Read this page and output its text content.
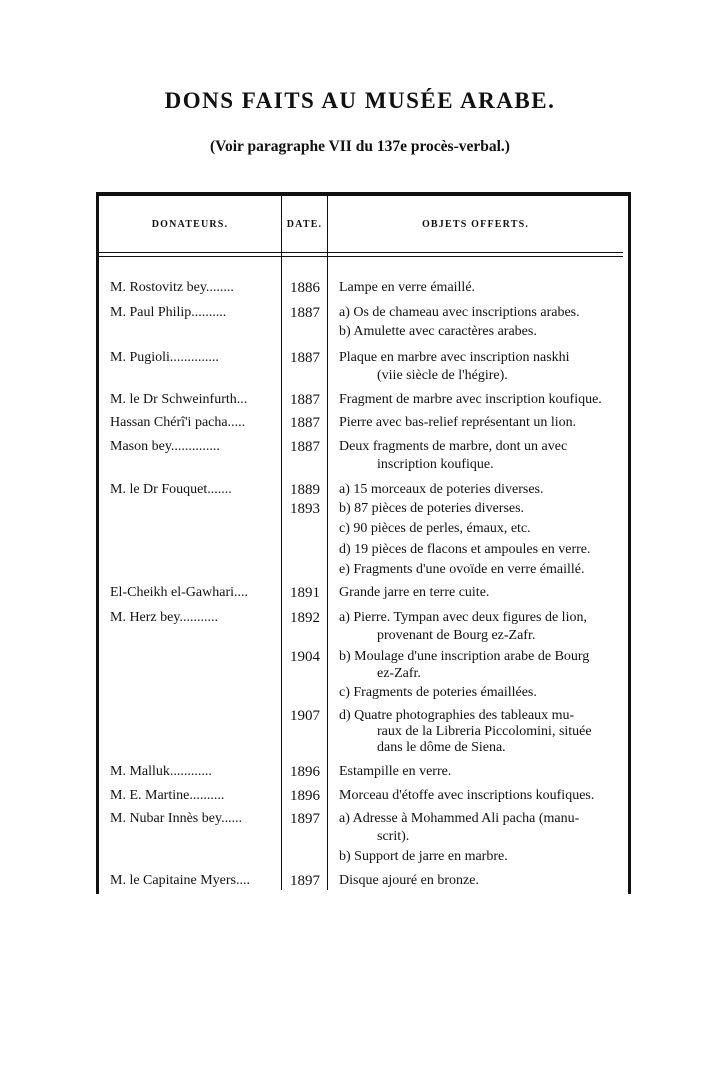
DONS FAITS AU MUSÉE ARABE.
(Voir paragraphe VII du 137e procès-verbal.)
DONATEURS.	DATE.	OBJETS OFFERTS.
M. Rostovitz bey........	1886	Lampe en verre émaillé.
M. Paul Philip..........	1887	a) Os de chameau avec inscriptions arabes.
b) Amulette avec caractères arabes.
M. Pugioli..............	1887	Plaque en marbre avec inscription naskhi
(viie siècle de l'hégire).
M. le Dr Schweinfurth...	1887	Fragment de marbre avec inscription koufique.
Hassan Chérî'i pacha.....	1887	Pierre avec bas-relief représentant un lion.
Mason bey..............	1887	Deux fragments de marbre, dont un avec
inscription koufique.
M. le Dr Fouquet.......	1889	a) 15 morceaux de poteries diverses.
1893	b) 87 pièces de poteries diverses.
c) 90 pièces de perles, émaux, etc.
d) 19 pièces de flacons et ampoules en verre.
e) Fragments d'une ovoïde en verre émaillé.
El-Cheikh el-Gawhari....	1891	Grande jarre en terre cuite.
M. Herz bey...........	1892	a) Pierre. Tympan avec deux figures de lion,
provenant de Bourg ez-Zafr.
1904	b) Moulage d'une inscription arabe de Bourg
ez-Zafr.
c) Fragments de poteries émaillées.
1907	d) Quatre photographies des tableaux mu-
raux de la Libreria Piccolomini, située
dans le dôme de Siena.
M. Malluk............	1896	Estampille en verre.
M. E. Martine..........	1896	Morceau d'étoffe avec inscriptions koufiques.
M. Nubar Innès bey......	1897	a) Adresse à Mohammed Ali pacha (manu-
scrit).
b) Support de jarre en marbre.
M. le Capitaine Myers....	1897	Disque ajouré en bronze.
